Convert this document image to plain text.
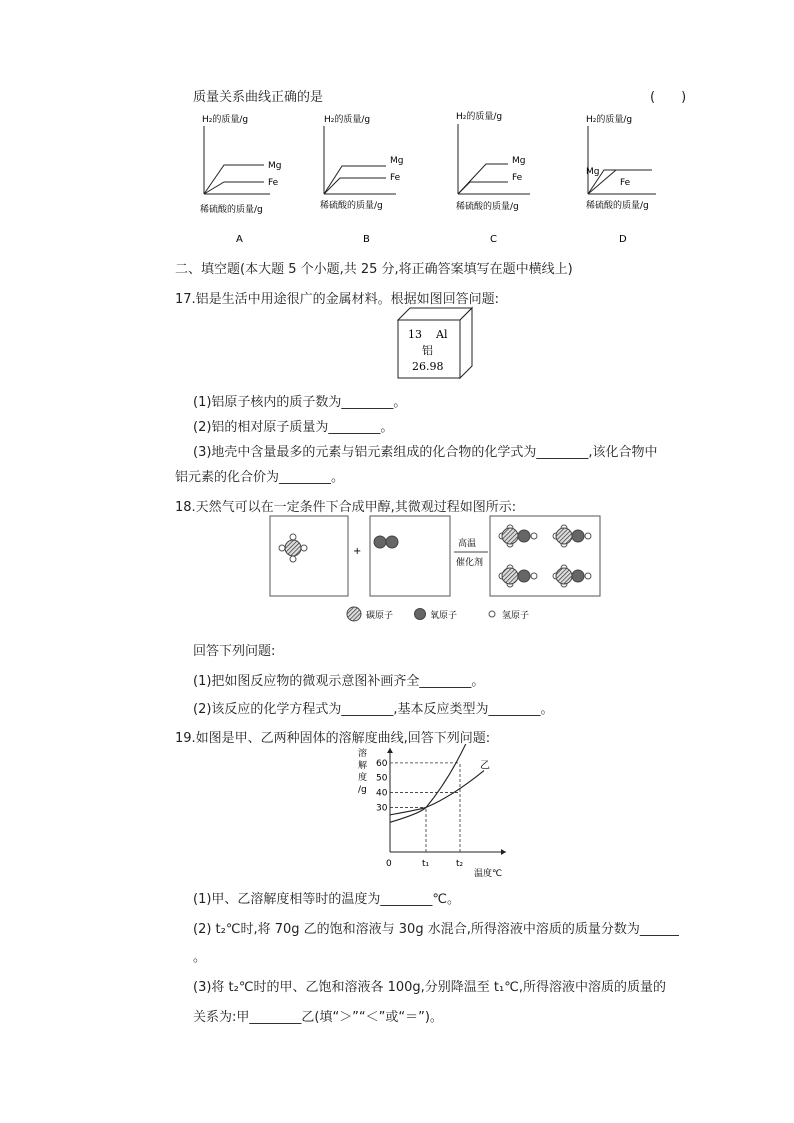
质量关系曲线正确的是	(　　)
H₂的质量/g
Mg
Fe
稀硫酸的质量/g
A
H₂的质量/g
Mg
Fe
稀硫酸的质量/g
B
H₂的质量/g
Mg
Fe
稀硫酸的质量/g
C
H₂的质量/g
Mg
Fe
稀硫酸的质量/g
D
二、填空题(本大题 5 个小题,共 25 分,将正确答案填写在题中横线上)
17.铝是生活中用途很广的金属材料。根据如图回答问题:
13 Al
铝
26.98
(1)铝原子核内的质子数为________。
(2)铝的相对原子质量为________。
(3)地壳中含量最多的元素与铝元素组成的化合物的化学式为________,该化合物中
铝元素的化合价为________。
18.天然气可以在一定条件下合成甲醇,其微观过程如图所示:
+
高温
催化剂
碳原子	氧原子	氢原子
回答下列问题:
(1)把如图反应物的微观示意图补画齐全________。
(2)该反应的化学方程式为________,基本反应类型为________。
19.如图是甲、乙两种固体的溶解度曲线,回答下列问题:
溶
解
度
/g
30
40
50
60
0	t₁	t₂
温度℃
乙
(1)甲、乙溶解度相等时的温度为________℃。
(2) t₂℃时,将 70g 乙的饱和溶液与 30g 水混合,所得溶液中溶质的质量分数为______
。
(3)将 t₂℃时的甲、乙饱和溶液各 100g,分别降温至 t₁℃,所得溶液中溶质的质量的
关系为:甲________乙(填“＞”“＜”或“＝”)。
